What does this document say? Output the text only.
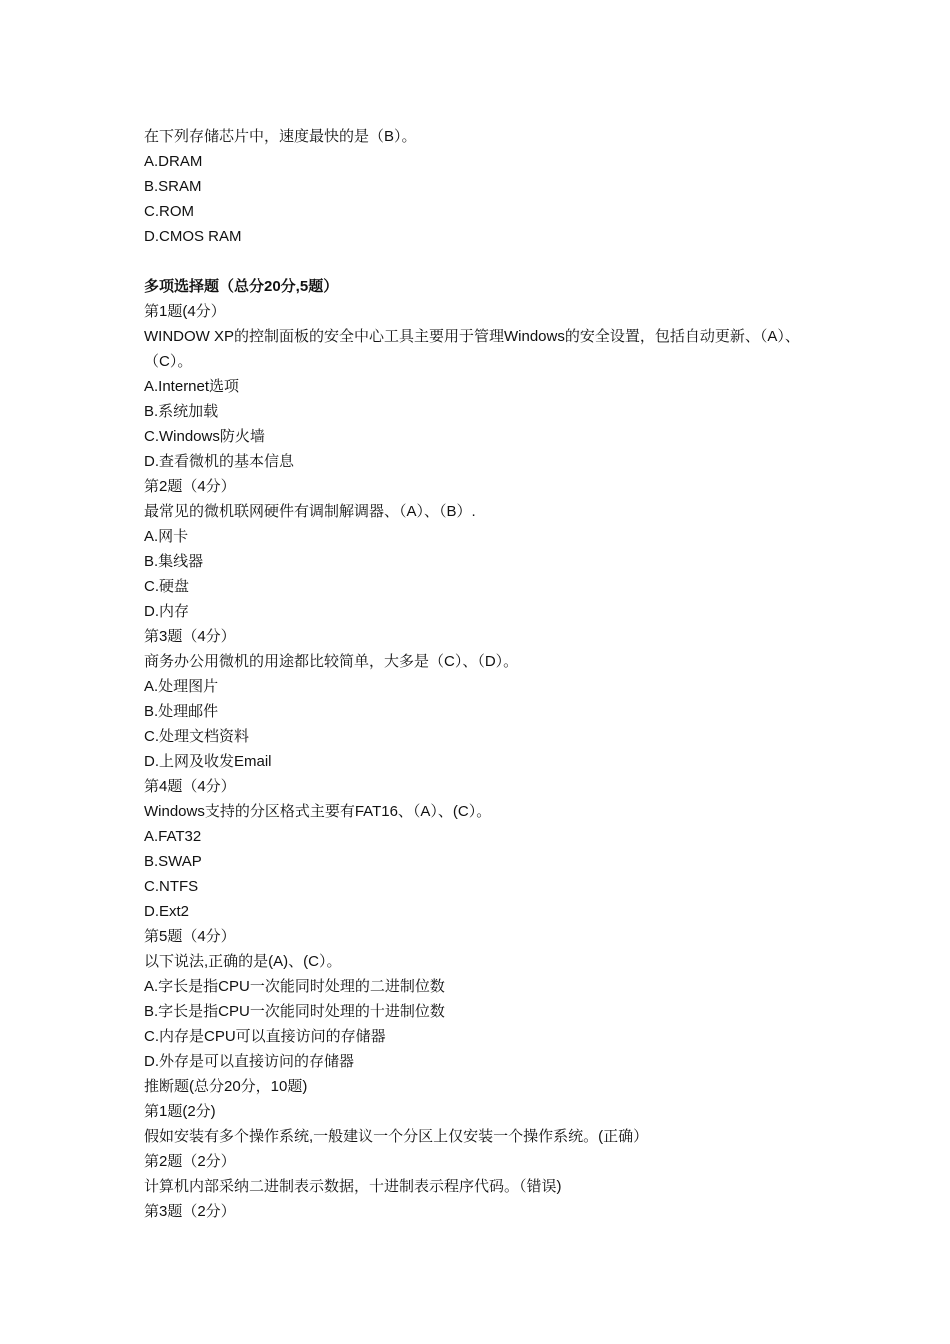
在下列存储芯片中，速度最快的是（B）。
A.DRAM
B.SRAM
C.ROM
D.CMOS RAM
多项选择题（总分20分,5题）
第1题(4分）
WINDOW XP的控制面板的安全中心工具主要用于管理Windows的安全设置，包括自动更新、（A）、（C）。
A.Internet选项
B.系统加载
C.Windows防火墙
D.查看微机的基本信息
第2题（4分）
最常见的微机联网硬件有调制解调器、（A）、（B）.
A.网卡
B.集线器
C.硬盘
D.内存
第3题（4分）
商务办公用微机的用途都比较简单，大多是（C）、（D）。
A.处理图片
B.处理邮件
C.处理文档资料
D.上网及收发Email
第4题（4分）
Windows支持的分区格式主要有FAT16、（A）、(C）。
A.FAT32
B.SWAP
C.NTFS
D.Ext2
第5题（4分）
以下说法,正确的是(A)、(C）。
A.字长是指CPU一次能同时处理的二进制位数
B.字长是指CPU一次能同时处理的十进制位数
C.内存是CPU可以直接访问的存储器
D.外存是可以直接访问的存储器
推断题(总分20分，10题)
第1题(2分)
假如安装有多个操作系统,一般建议一个分区上仅安装一个操作系统。(正确）
第2题（2分）
计算机内部采纳二进制表示数据，十进制表示程序代码。（错误)
第3题（2分）
